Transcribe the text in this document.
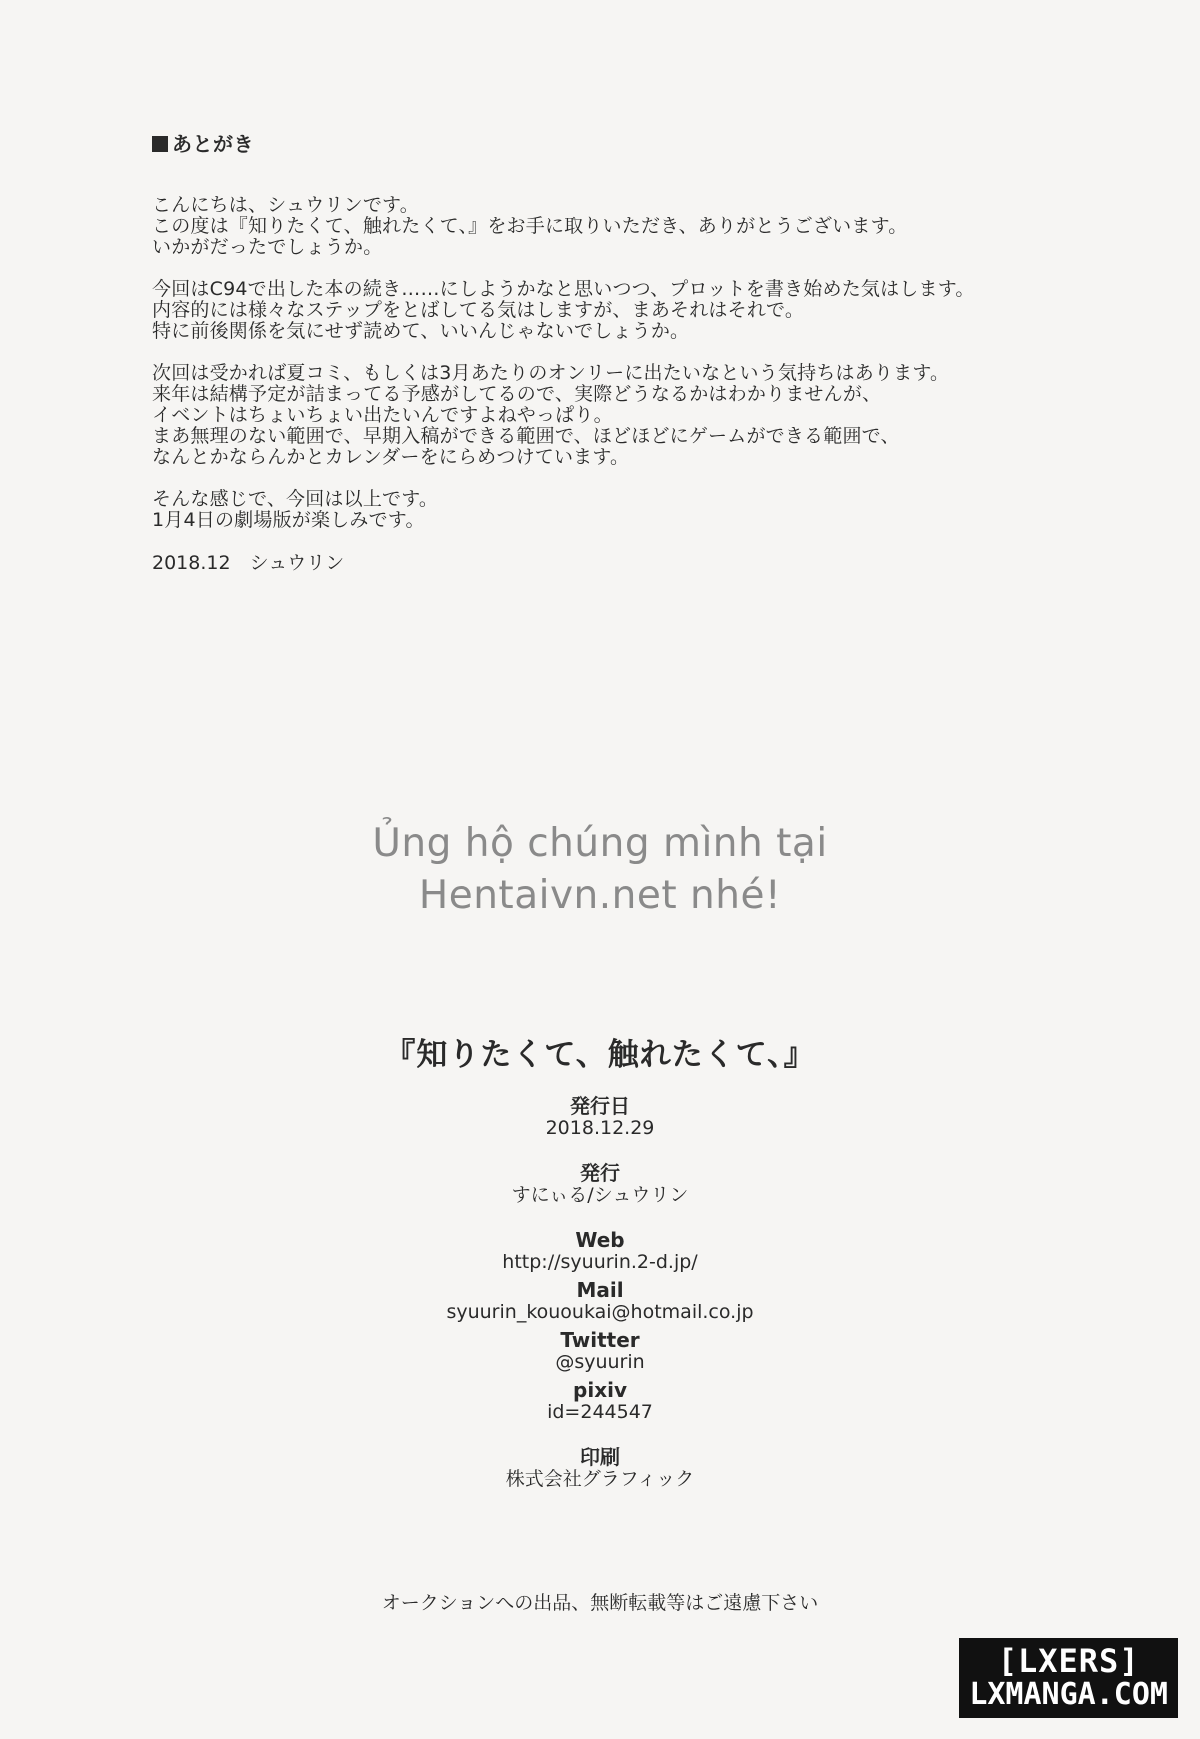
あとがき
こんにちは、シュウリンです。
この度は『知りたくて、触れたくて、』をお手に取りいただき、ありがとうございます。
いかがだったでしょうか。
今回はC94で出した本の続き……にしようかなと思いつつ、プロットを書き始めた気はします。
内容的には様々なステップをとばしてる気はしますが、まあそれはそれで。
特に前後関係を気にせず読めて、いいんじゃないでしょうか。
次回は受かれば夏コミ、もしくは3月あたりのオンリーに出たいなという気持ちはあります。
来年は結構予定が詰まってる予感がしてるので、実際どうなるかはわかりませんが、
イベントはちょいちょい出たいんですよねやっぱり。
まあ無理のない範囲で、早期入稿ができる範囲で、ほどほどにゲームができる範囲で、
なんとかならんかとカレンダーをにらめつけています。
そんな感じで、今回は以上です。
1月4日の劇場版が楽しみです。
2018.12　シュウリン
Ủng hộ chúng mình tại
Hentaivn.net nhé!
『知りたくて、触れたくて、』
発行日
2018.12.29
発行
すにぃる/シュウリン
Web
http://syuurin.2-d.jp/
Mail
syuurin_kououkai@hotmail.co.jp
Twitter
@syuurin
pixiv
id=244547
印刷
株式会社グラフィック
オークションへの出品、無断転載等はご遠慮下さい
[LXERS]
LXMANGA.COM
